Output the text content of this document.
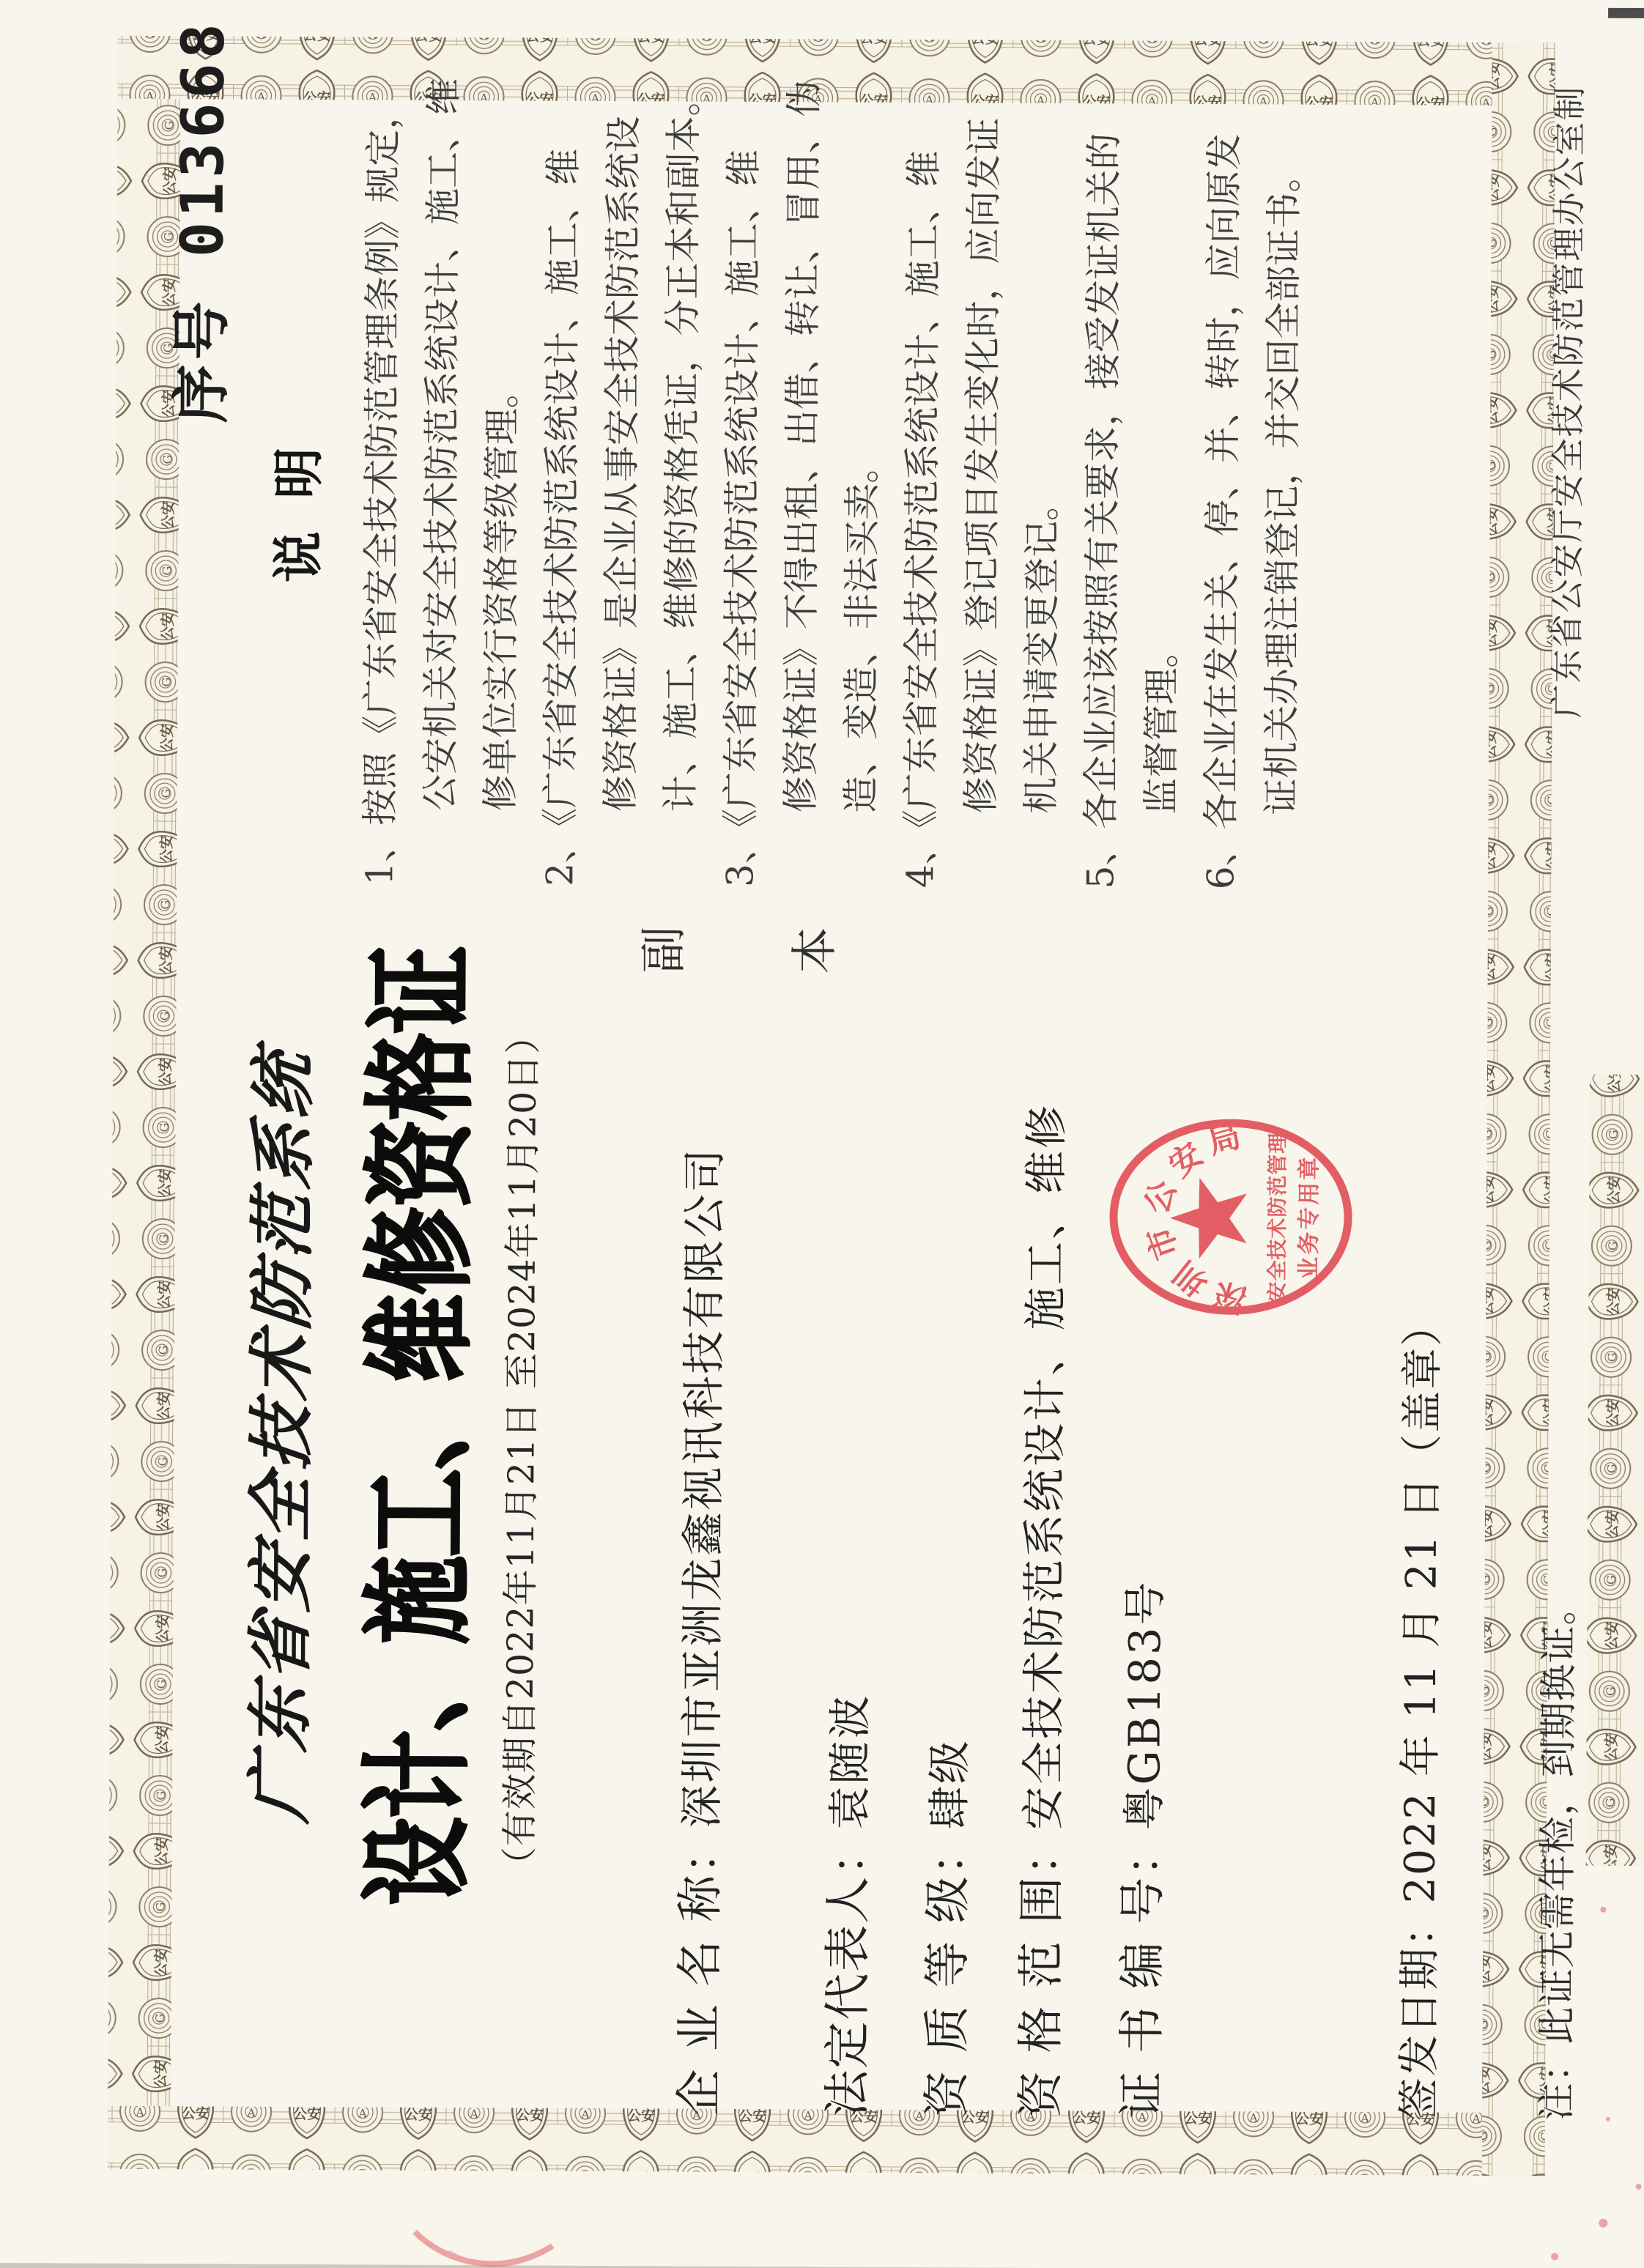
深圳市公安局 安全技术防范管理 业务专用章
序号 013668
说 明
1、按照《广东省安全技术防范管理条例》规定，
公安机关对安全技术防范系统设计、施工、维
修单位实行资格等级管理。
2、《广东省安全技术防范系统设计、施工、维
修资格证》是企业从事安全技术防范系统设
计、施工、维修的资格凭证，分正本和副本。
3、《广东省安全技术防范系统设计、施工、维
修资格证》不得出租、出借、转让、冒用、伪
造、变造、非法买卖。
4、《广东省安全技术防范系统设计、施工、维
修资格证》登记项目发生变化时，应向发证
机关申请变更登记。
5、各企业应该按照有关要求，接受发证机关的
监督管理。
6、各企业在发生关、停、并、转时，应向原发
证机关办理注销登记，并交回全部证书。	广东省公安厅安全技术防范管理办公室制
副 本
广东省安全技术防范系统 设计、施工、维修资格证 （有效期自2022年11月21日 至2024年11月20日）
企 业 名 称：深圳市亚洲龙鑫视讯科技有限公司
法定代表人：袁随波
资 质 等 级：肆级
资 格 范 围：安全技术防范系统设计、施工、维修
证 书 编 号：粤GB183号	签发日期：2022 年 11 月 21 日（盖章） 注：此证无需年检，到期换证。
